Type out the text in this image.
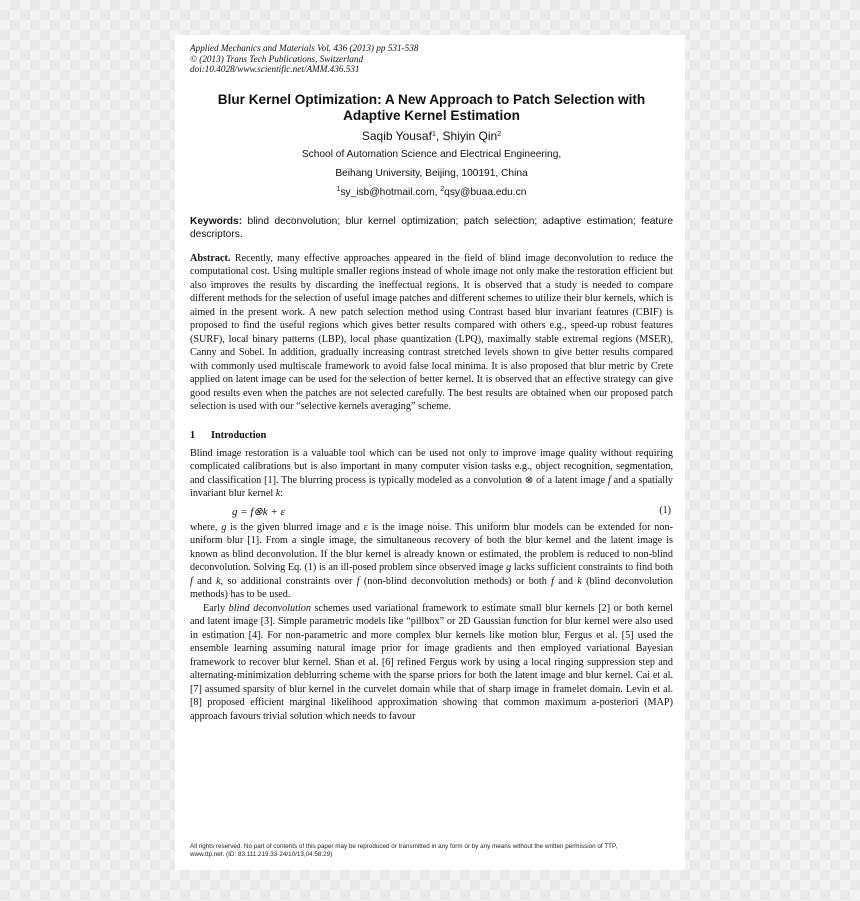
Applied Mechanics and Materials Vol. 436 (2013) pp 531-538
© (2013) Trans Tech Publications, Switzerland
doi:10.4028/www.scientific.net/AMM.436.531
Blur Kernel Optimization: A New Approach to Patch Selection with
Adaptive Kernel Estimation
Saqib Yousaf$^1$, Shiyin Qin$^2$
School of Automation Science and Electrical Engineering,
Beihang University, Beijing, 100191, China
$^1$sy_isb@hotmail.com, $^2$qsy@buaa.edu.cn
Keywords: blind deconvolution; blur kernel optimization; patch selection; adaptive estimation; feature descriptors.
Abstract. Recently, many effective approaches appeared in the field of blind image deconvolution to reduce the computational cost. Using multiple smaller regions instead of whole image not only make the restoration efficient but also improves the results by discarding the ineffectual regions. It is observed that a study is needed to compare different methods for the selection of useful image patches and different schemes to utilize their blur kernels, which is aimed in the present work. A new patch selection method using Contrast based blur invariant features (CBIF) is proposed to find the useful regions which gives better results compared with others e.g., speed-up robust features (SURF), local binary patterns (LBP), local phase quantization (LPQ), maximally stable extremal regions (MSER), Canny and Sobel. In addition, gradually increasing contrast stretched levels shown to give better results compared with commonly used multiscale framework to avoid false local minima. It is also proposed that blur metric by Crete applied on latent image can be used for the selection of better kernel. It is observed that an effective strategy can give good results even when the patches are not selected carefully. The best results are obtained when our proposed patch selection is used with our “selective kernels averaging” scheme.
1 Introduction
Blind image restoration is a valuable tool which can be used not only to improve image quality without requiring complicated calibrations but is also important in many computer vision tasks e.g., object recognition, segmentation, and classification [1]. The blurring process is typically modeled as a convolution ⊗ of a latent image f and a spatially invariant blur kernel k:
g = f⊗k + ε	(1)
where, g is the given blurred image and ε is the image noise. This uniform blur models can be extended for non-uniform blur [1]. From a single image, the simultaneous recovery of both the blur kernel and the latent image is known as blind deconvolution. If the blur kernel is already known or estimated, the problem is reduced to non-blind deconvolution. Solving Eq. (1) is an ill-posed problem since observed image g lacks sufficient constraints to find both f and k, so additional constraints over f (non-blind deconvolution methods) or both f and k (blind deconvolution methods) has to be used.
Early blind deconvolution schemes used variational framework to estimate small blur kernels [2] or both kernel and latent image [3]. Simple parametric models like “pillbox” or 2D Gaussian function for blur kernel were also used in estimation [4]. For non-parametric and more complex blur kernels like motion blur, Fergus et al. [5] used the ensemble learning assuming natural image prior for image gradients and then employed variational Bayesian framework to recover blur kernel. Shan et al. [6] refined Fergus work by using a local ringing suppression step and alternating-minimization deblurring scheme with the sparse priors for both the latent image and blur kernel. Cai et al. [7] assumed sparsity of blur kernel in the curvelet domain while that of sharp image in framelet domain. Levin et al. [8] proposed efficient marginal likelihood approximation showing that common maximum a-posteriori (MAP) approach favours trivial solution which needs to favour
All rights reserved. No part of contents of this paper may be reproduced or transmitted in any form or by any means without the written permission of TTP,
www.ttp.net. (ID: 83.111.219.33-24/10/13,04:58:29)
